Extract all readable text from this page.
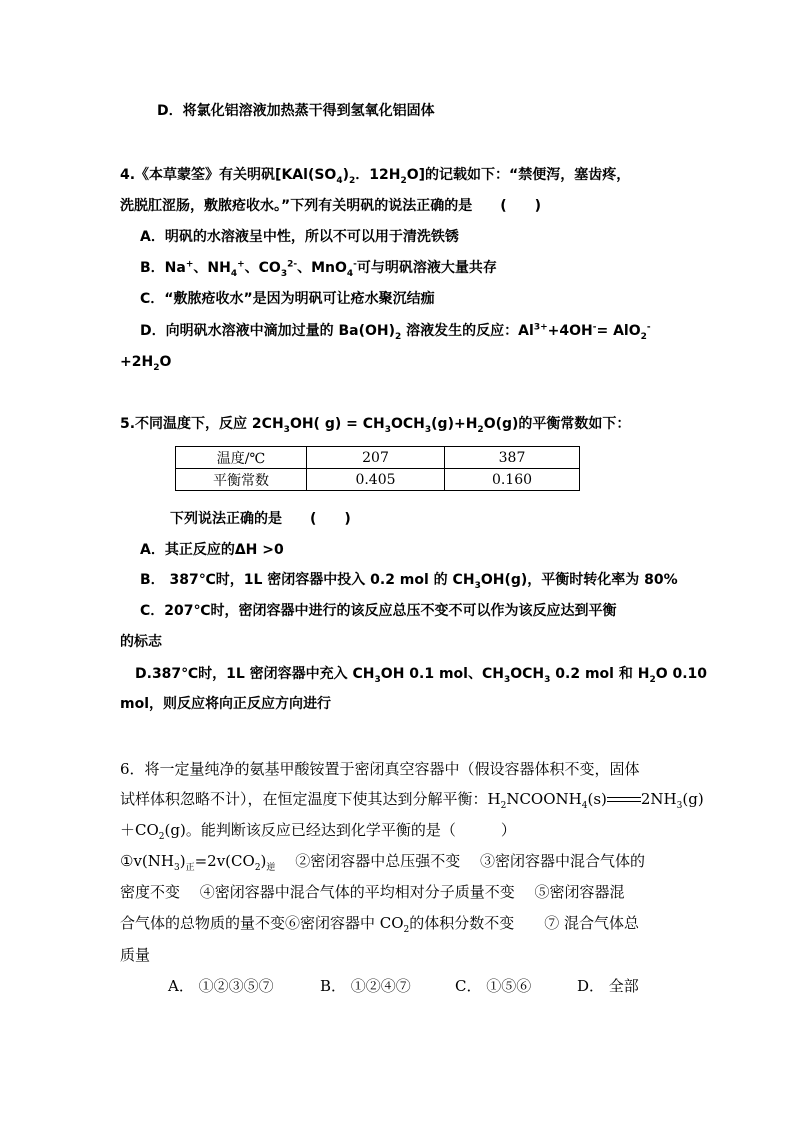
D．将氯化铝溶液加热蒸干得到氢氧化铝固体
4.《本草蒙筌》有关明矾[$KAl(SO_4)_2$．$12H_2O$]的记载如下：“禁便泻，塞齿疼，
洗脱肛涩肠，敷脓疮收水。”下列有关明矾的说法正确的是　　(　　)
A．明矾的水溶液呈中性，所以不可以用于清洗铁锈
B．Na+、$NH_4^+$、$CO_3^{2-}$、MnO$_4$-可与明矾溶液大量共存
C．“敷脓疮收水”是因为明矾可让疮水聚沉结痂
D．向明矾水溶液中滴加过量的 $Ba(OH)_2$ 溶液发生的反应：$Al^{3+}+4OH^-= AlO_2^-$
$+2H_2O$
5.不同温度下，反应 $2CH_3OH$( $g) = CH_3OCH_3(g)+H_2O(g)$的平衡常数如下：
温度/℃	207	387
平衡常数	0.405	0.160
下列说法正确的是　　(　　)
A．其正反应的ΔH >0
B． 387℃时，1L 密闭容器中投入 0.2 mol 的 $CH_3OH(g)$，平衡时转化率为 80%
C．207℃时，密闭容器中进行的该反应总压不变不可以作为该反应达到平衡
的标志
D.387℃时，1L 密闭容器中充入 $CH_3OH$ 0.1 mol、$CH_3OCH_3$ 0.2 mol 和 $H_2O$ 0.10
mol，则反应将向正反应方向进行
6．将一定量纯净的氨基甲酸铵置于密闭真空容器中（假设容器体积不变，固体
试样体积忽略不计），在恒定温度下使其达到分解平衡：$H_2NCOONH_4(s)$ $2NH_3(g)$
$+CO_2(g)$。能判断该反应已经达到化学平衡的是（　　　）
$①v(NH_3)_正=2v(CO_2)_逆$　 ②密闭容器中总压强不变　 ③密闭容器中混合气体的
密度不变　 ④密闭容器中混合气体的平均相对分子质量不变　 ⑤密闭容器混
合气体的总物质的量不变⑥密闭容器中 $CO_2$的体积分数不变　　⑦ 混合气体总
质量
A． ①②③⑤⑦	B． ①②④⑦	C． ①⑤⑥	D． 全部
